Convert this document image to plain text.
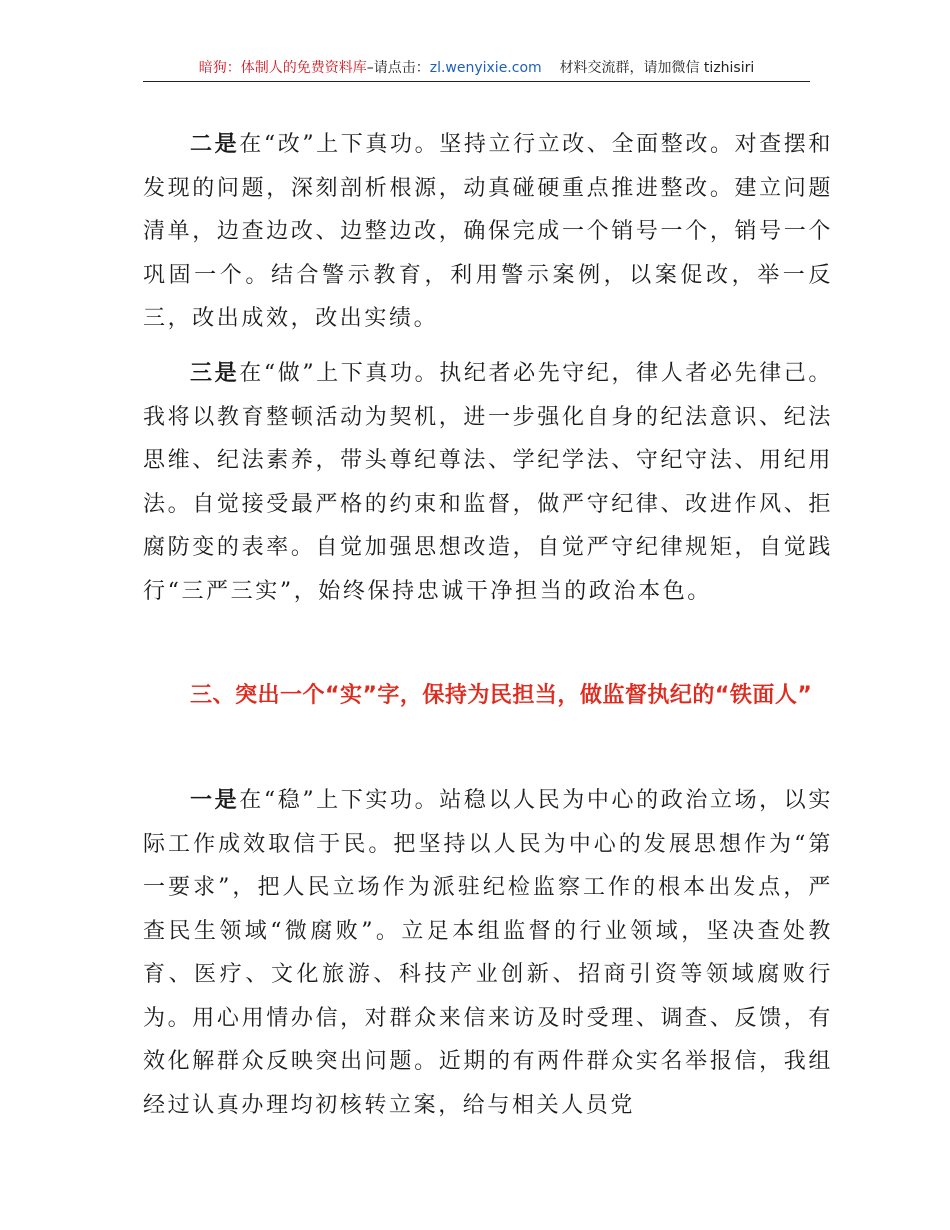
暗狗：体制人的免费资料库–请点击：zl.wenyixie.com 材料交流群，请加微信 tizhisiri
二是在“改”上下真功。坚持立行立改、全面整改。对查摆和发现的问题，深刻剖析根源，动真碰硬重点推进整改。建立问题清单，边查边改、边整边改，确保完成一个销号一个，销号一个巩固一个。结合警示教育，利用警示案例，以案促改，举一反三，改出成效，改出实绩。
三是在“做”上下真功。执纪者必先守纪，律人者必先律己。我将以教育整顿活动为契机，进一步强化自身的纪法意识、纪法思维、纪法素养，带头尊纪尊法、学纪学法、守纪守法、用纪用法。自觉接受最严格的约束和监督，做严守纪律、改进作风、拒腐防变的表率。自觉加强思想改造，自觉严守纪律规矩，自觉践行“三严三实”，始终保持忠诚干净担当的政治本色。
三、突出一个“实”字，保持为民担当，做监督执纪的“铁面人”
一是在“稳”上下实功。站稳以人民为中心的政治立场，以实际工作成效取信于民。把坚持以人民为中心的发展思想作为“第一要求”，把人民立场作为派驻纪检监察工作的根本出发点，严查民生领域“微腐败”。立足本组监督的行业领域，坚决查处教育、医疗、文化旅游、科技产业创新、招商引资等领域腐败行为。用心用情办信，对群众来信来访及时受理、调查、反馈，有效化解群众反映突出问题。近期的有两件群众实名举报信，我组经过认真办理均初核转立案，给与相关人员党
